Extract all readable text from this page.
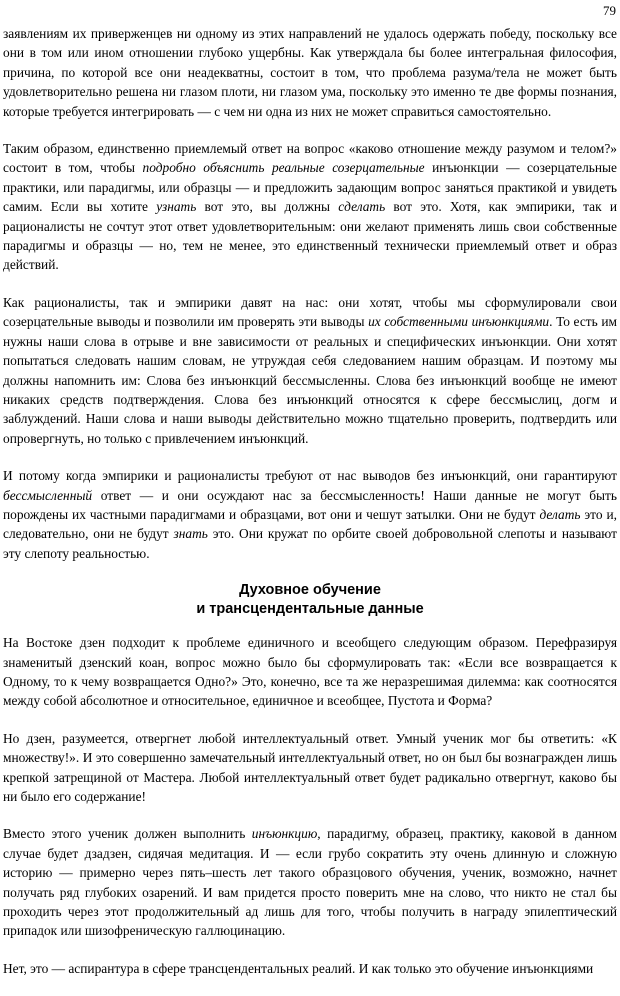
79

заявлениям их приверженцев ни одному из этих направлений не удалось одержать победу, поскольку все они в том или ином отношении глубоко ущербны. Как утверждала бы более интегральная философия, причина, по которой все они неадекватны, состоит в том, что проблема разума/тела не может быть удовлетворительно решена ни глазом плоти, ни глазом ума, поскольку это именно те две формы познания, которые требуется интегрировать — с чем ни одна из них не может справиться самостоятельно.

Таким образом, единственно приемлемый ответ на вопрос «каково отношение между разумом и телом?» состоит в том, чтобы подробно объяснить реальные созерцательные инъюнкции — созерцательные практики, или парадигмы, или образцы — и предложить задающим вопрос заняться практикой и увидеть самим. Если вы хотите узнать вот это, вы должны сделать вот это. Хотя, как эмпирики, так и рационалисты не сочтут этот ответ удовлетворительным: они желают применять лишь свои собственные парадигмы и образцы — но, тем не менее, это единственный технически приемлемый ответ и образ действий.

Как рационалисты, так и эмпирики давят на нас: они хотят, чтобы мы сформулировали свои созерцательные выводы и позволили им проверять эти выводы их собственными инъюнкциями. То есть им нужны наши слова в отрыве и вне зависимости от реальных и специфических инъюнкции. Они хотят попытаться следовать нашим словам, не утруждая себя следованием нашим образцам. И поэтому мы должны напомнить им: Слова без инъюнкций бессмысленны. Слова без инъюнкций вообще не имеют никаких средств подтверждения. Слова без инъюнкций относятся к сфере бессмыслиц, догм и заблуждений. Наши слова и наши выводы действительно можно тщательно проверить, подтвердить или опровергнуть, но только с привлечением инъюнкций.

И потому когда эмпирики и рационалисты требуют от нас выводов без инъюнкций, они гарантируют бессмысленный ответ — и они осуждают нас за бессмысленность! Наши данные не могут быть порождены их частными парадигмами и образцами, вот они и чешут затылки. Они не будут делать это и, следовательно, они не будут знать это. Они кружат по орбите своей добровольной слепоты и называют эту слепоту реальностью.

Духовное обучение
и трансцендентальные данные

На Востоке дзен подходит к проблеме единичного и всеобщего следующим образом. Перефразируя знаменитый дзенский коан, вопрос можно было бы сформулировать так: «Если все возвращается к Одному, то к чему возвращается Одно?» Это, конечно, все та же неразрешимая дилемма: как соотносятся между собой абсолютное и относительное, единичное и всеобщее, Пустота и Форма?

Но дзен, разумеется, отвергнет любой интеллектуальный ответ. Умный ученик мог бы ответить: «К множеству!». И это совершенно замечательный интеллектуальный ответ, но он был бы вознагражден лишь крепкой затрещиной от Мастера. Любой интеллектуальный ответ будет радикально отвергнут, каково бы ни было его содержание!

Вместо этого ученик должен выполнить инъюнкцию, парадигму, образец, практику, каковой в данном случае будет дзадзен, сидячая медитация. И — если грубо сократить эту очень длинную и сложную историю — примерно через пять–шесть лет такого образцового обучения, ученик, возможно, начнет получать ряд глубоких озарений. И вам придется просто поверить мне на слово, что никто не стал бы проходить через этот продолжительный ад лишь для того, чтобы получить в награду эпилептический припадок или шизофреническую галлюцинацию.

Нет, это — аспирантура в сфере трансцендентальных реалий. И как только это обучение инъюнкциями
